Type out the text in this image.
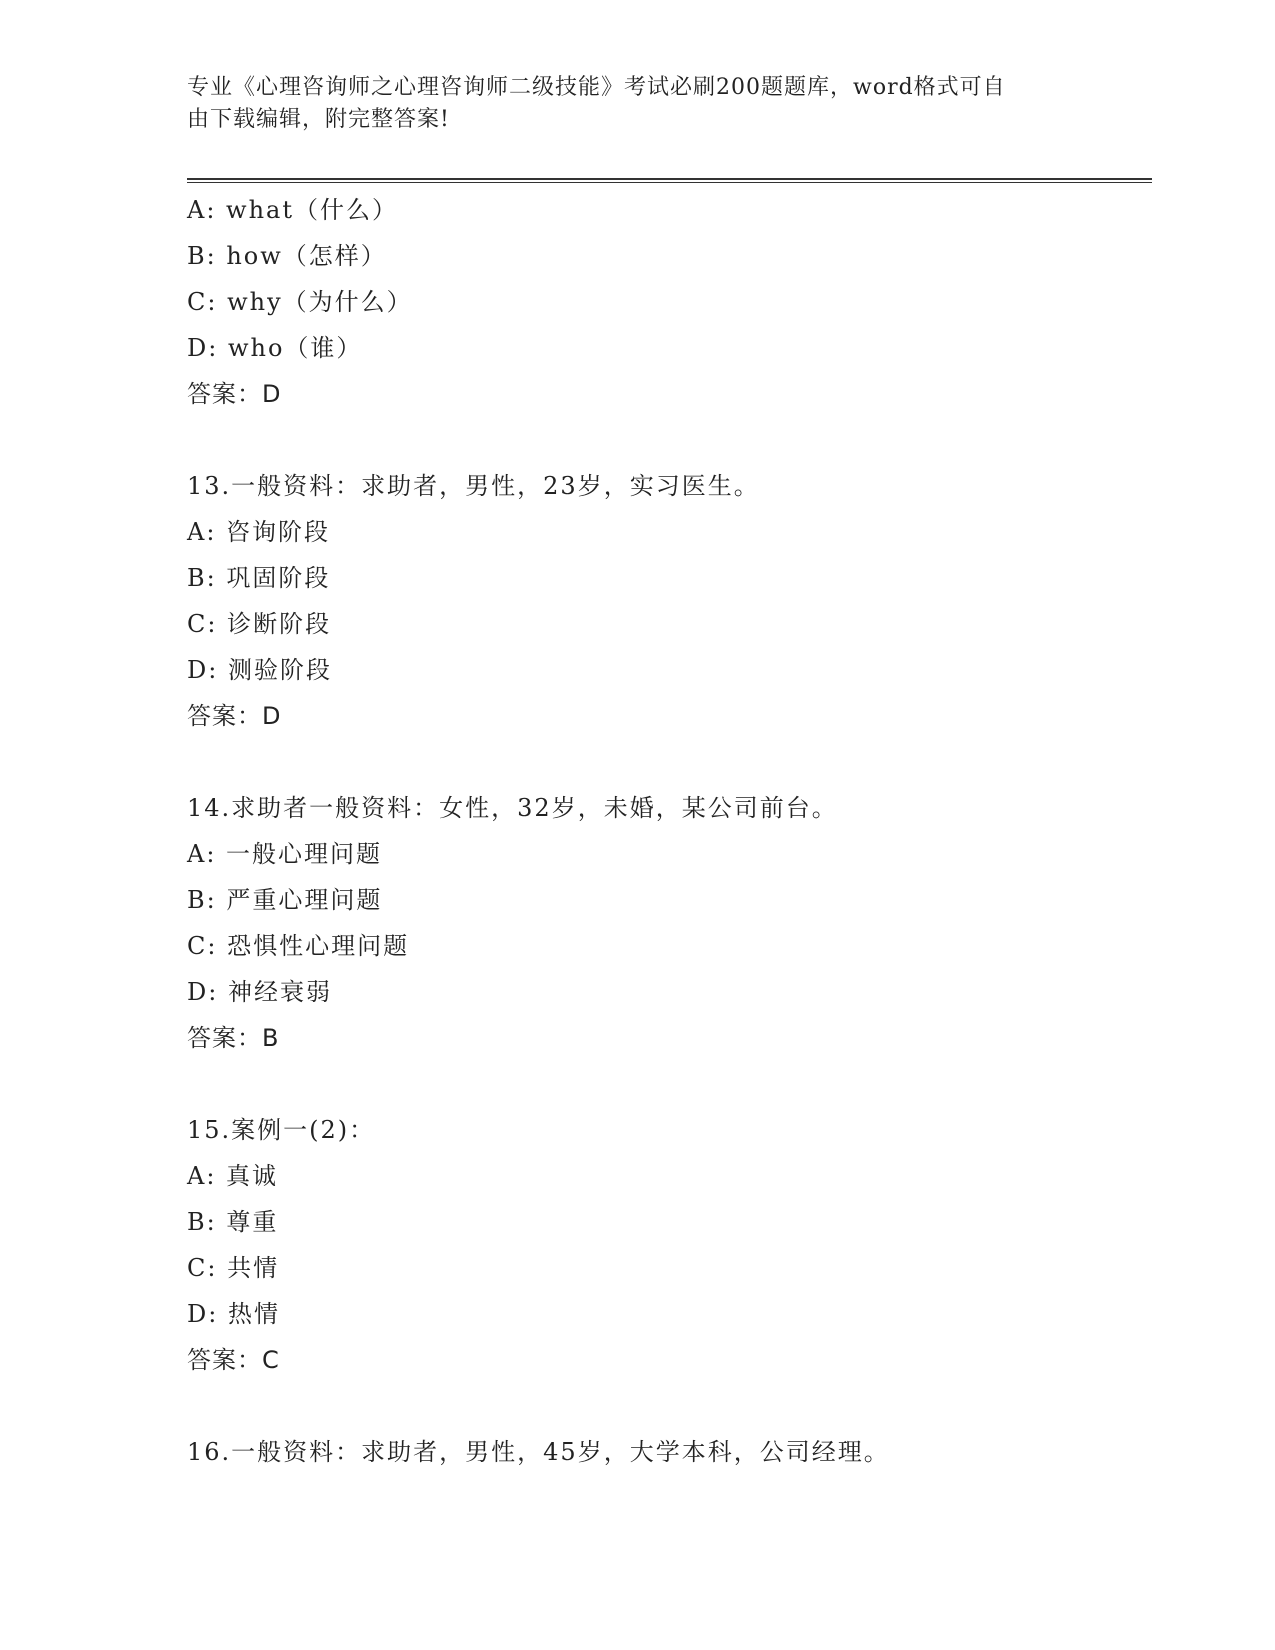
专业《心理咨询师之心理咨询师二级技能》考试必刷200题题库，word格式可自
由下载编辑，附完整答案!
A: what（什么）
B: how（怎样）
C: why（为什么）
D: who（谁）
答案：D
13.一般资料：求助者，男性，23岁，实习医生。
A: 咨询阶段
B: 巩固阶段
C: 诊断阶段
D: 测验阶段
答案：D
14.求助者一般资料：女性，32岁，未婚，某公司前台。
A: 一般心理问题
B: 严重心理问题
C: 恐惧性心理问题
D: 神经衰弱
答案：B
15.案例一(2)：
A: 真诚
B: 尊重
C: 共情
D: 热情
答案：C
16.一般资料：求助者，男性，45岁，大学本科，公司经理。
